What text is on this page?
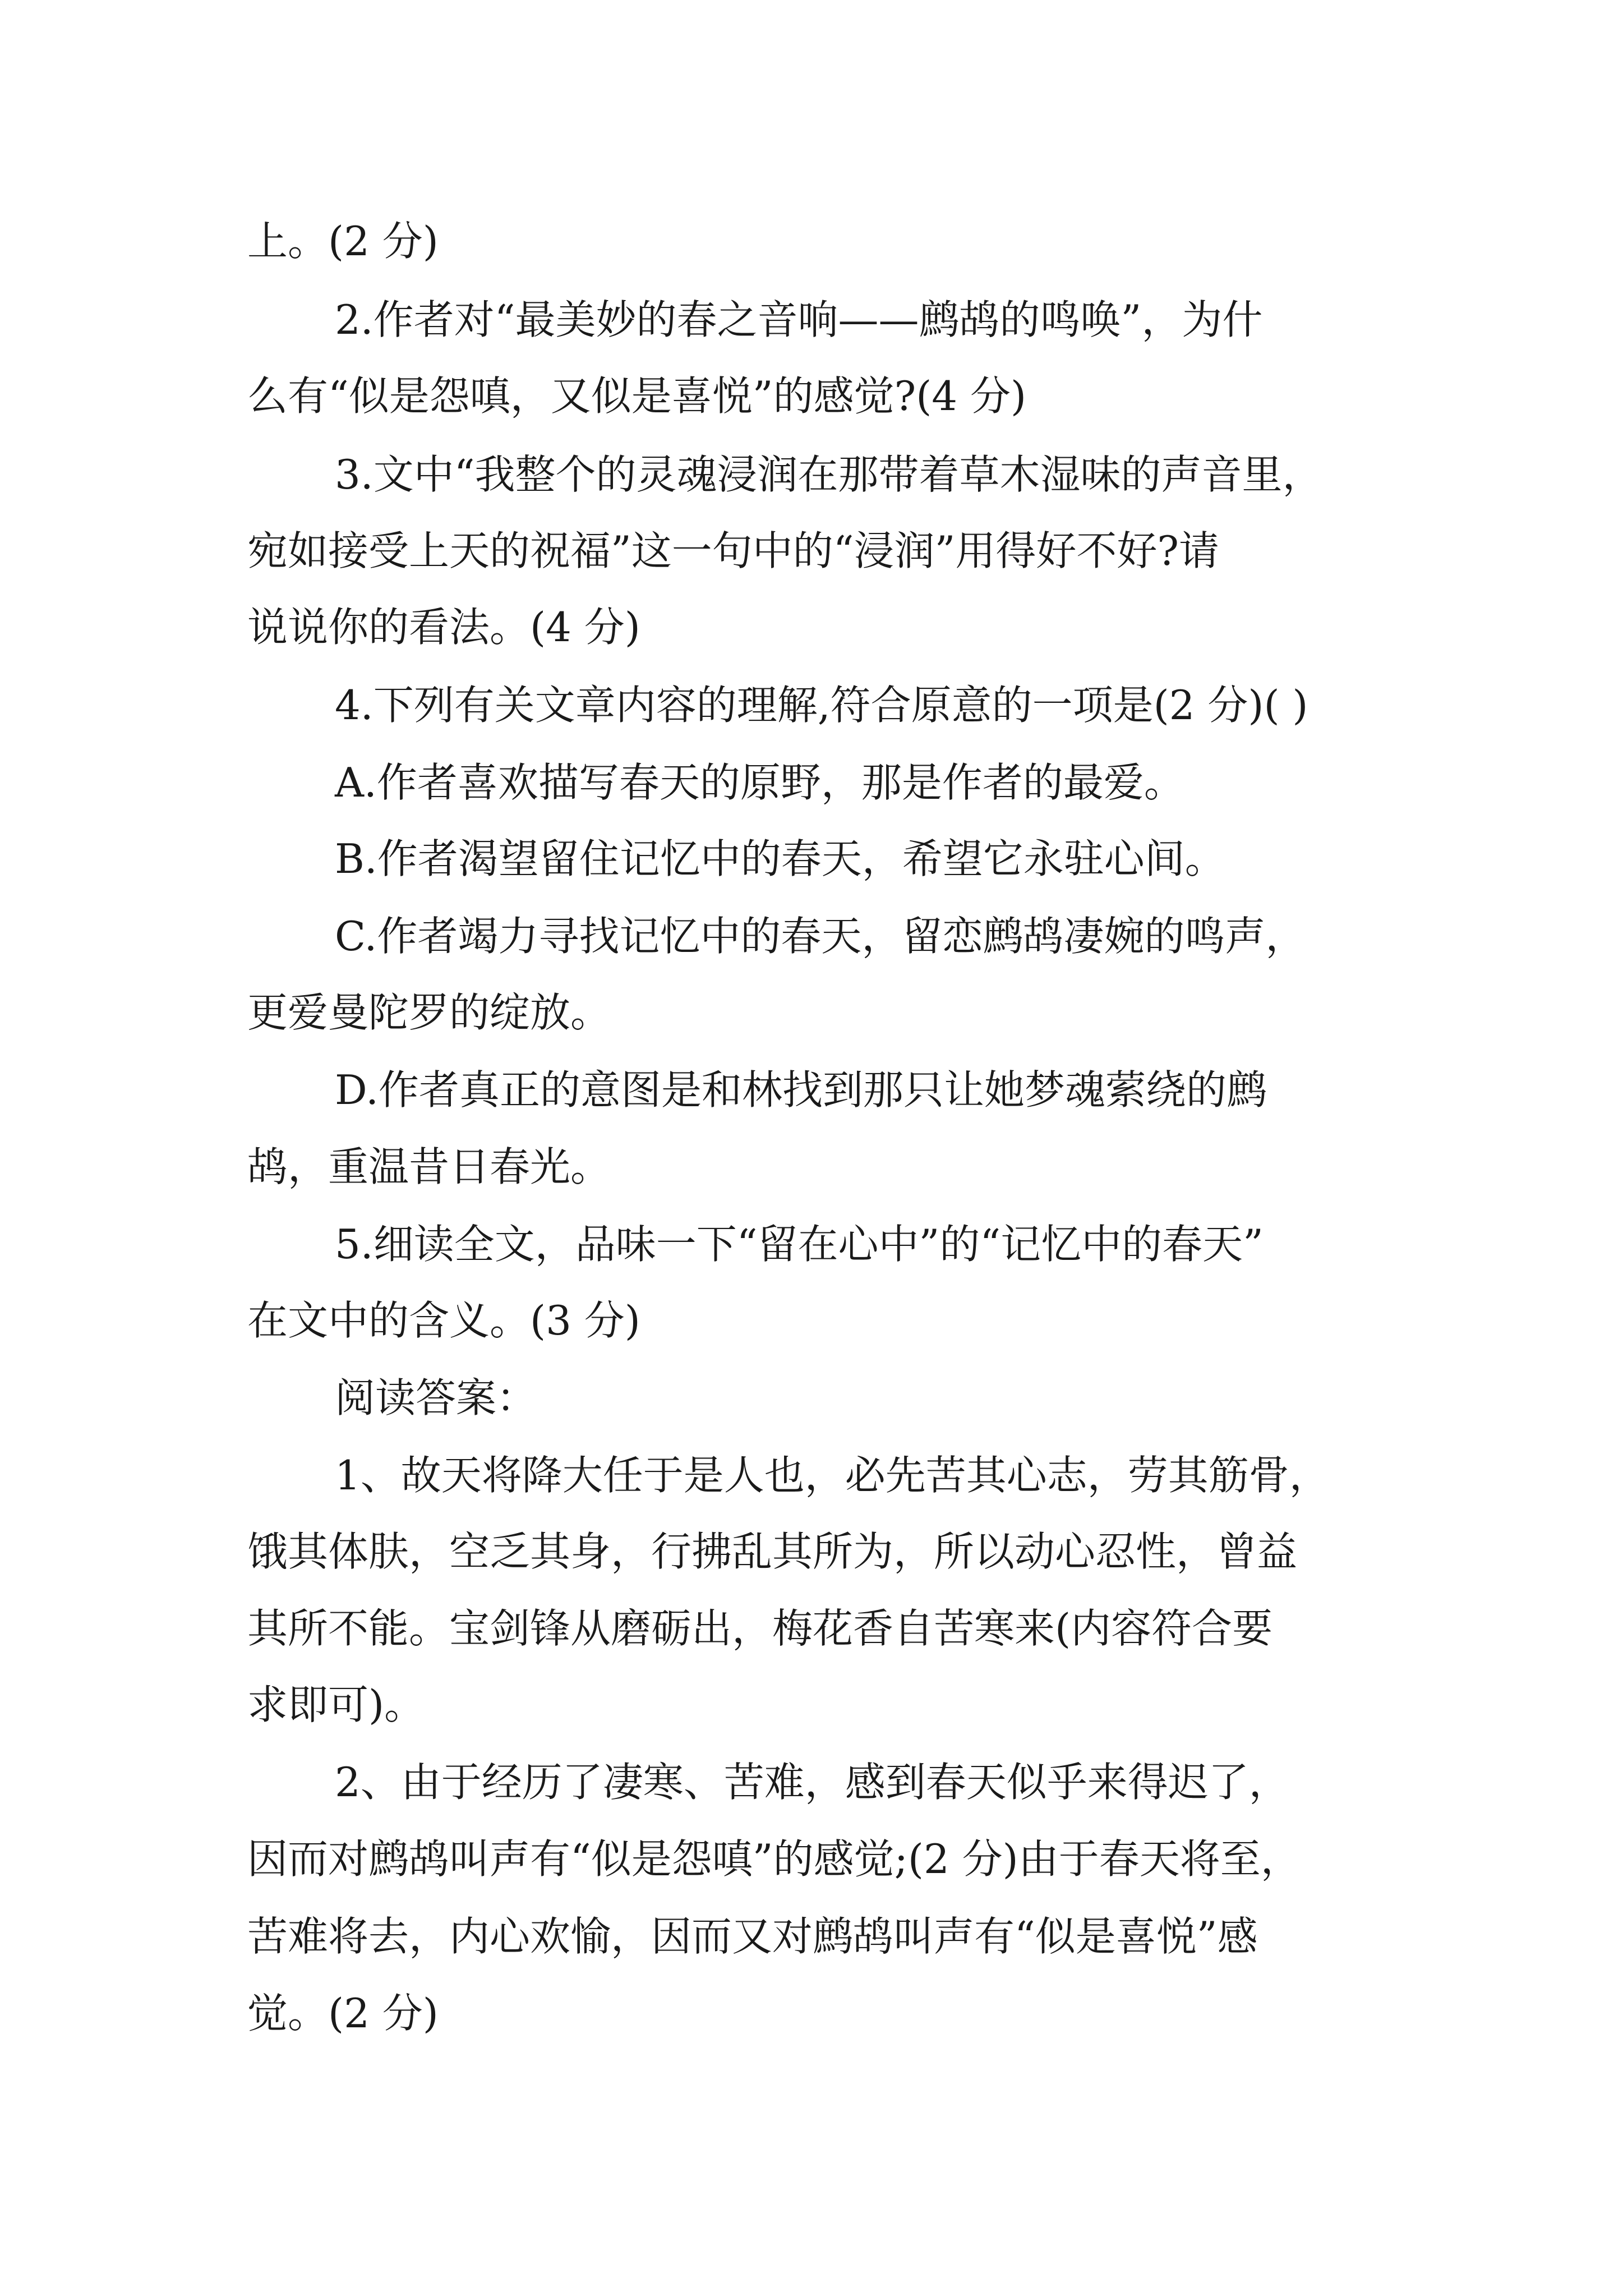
上。(2 分)
2.作者对“最美妙的春之音响——鹧鸪的鸣唤”，为什
么有“似是怨嗔，又似是喜悦”的感觉?(4 分)
3.文中“我整个的灵魂浸润在那带着草木湿味的声音里，
宛如接受上天的祝福”这一句中的“浸润”用得好不好?请
说说你的看法。(4 分)
4.下列有关文章内容的理解,符合原意的一项是(2 分)( )
A.作者喜欢描写春天的原野，那是作者的最爱。
B.作者渴望留住记忆中的春天，希望它永驻心间。
C.作者竭力寻找记忆中的春天，留恋鹧鸪凄婉的鸣声，
更爱曼陀罗的绽放。
D.作者真正的意图是和林找到那只让她梦魂萦绕的鹧
鸪，重温昔日春光。
5.细读全文，品味一下“留在心中”的“记忆中的春天”
在文中的含义。(3 分)
阅读答案：
1、故天将降大任于是人也，必先苦其心志，劳其筋骨，
饿其体肤，空乏其身，行拂乱其所为，所以动心忍性，曾益
其所不能。宝剑锋从磨砺出，梅花香自苦寒来(内容符合要
求即可)。
2、由于经历了凄寒、苦难，感到春天似乎来得迟了，
因而对鹧鸪叫声有“似是怨嗔”的感觉;(2 分)由于春天将至，
苦难将去，内心欢愉，因而又对鹧鸪叫声有“似是喜悦”感
觉。(2 分)
